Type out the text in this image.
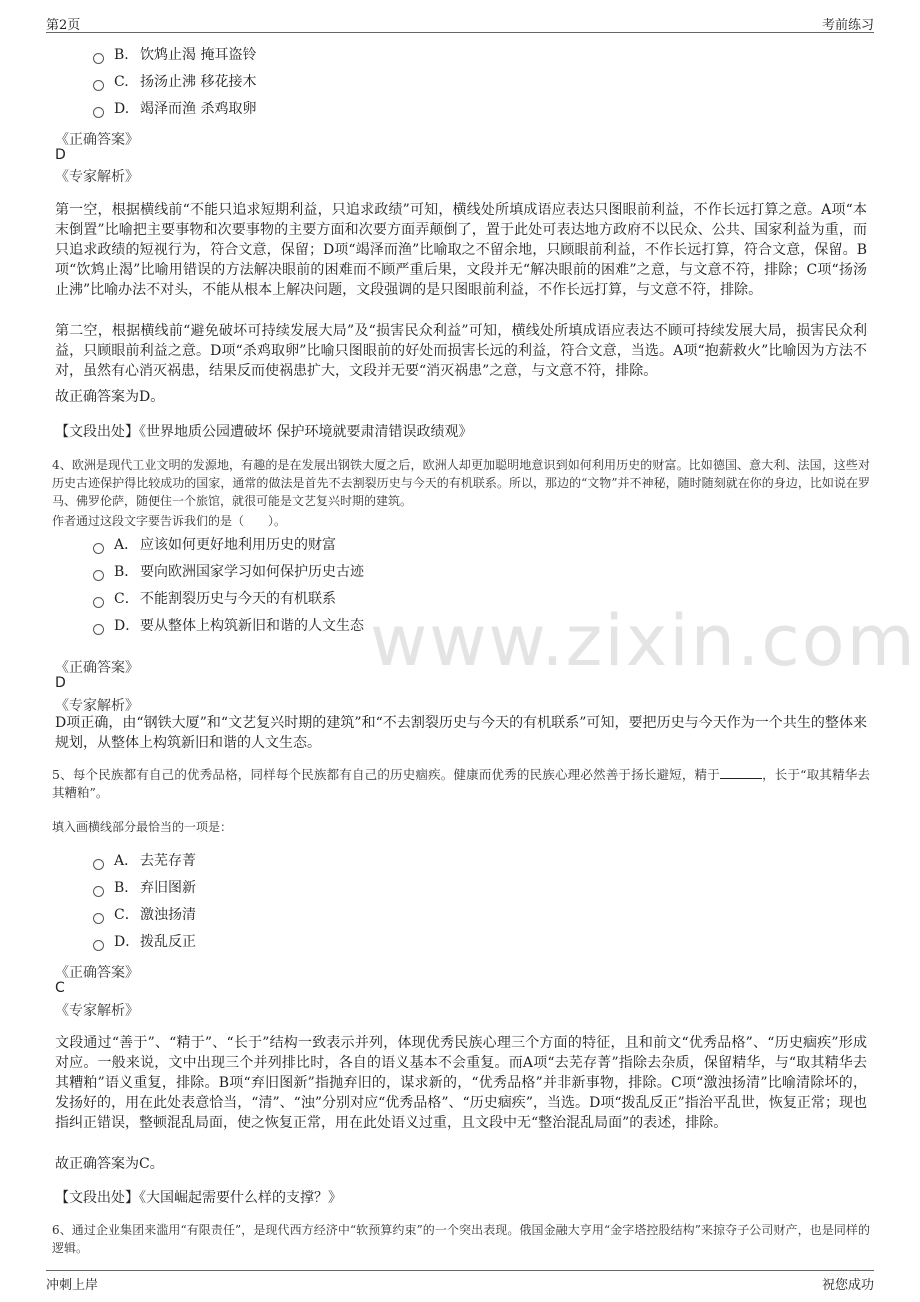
第2页	考前练习
www.zixin.com
B. 饮鸩止渴 掩耳盗铃
C. 扬汤止沸 移花接木
D. 竭泽而渔 杀鸡取卵
《正确答案》
D
《专家解析》
第一空，根据横线前“不能只追求短期利益，只追求政绩”可知，横线处所填成语应表达只图眼前利益，不作长远打算之意。A项“本末倒置”比喻把主要事物和次要事物的主要方面和次要方面弄颠倒了，置于此处可表达地方政府不以民众、公共、国家利益为重，而只追求政绩的短视行为，符合文意，保留；D项“竭泽而渔”比喻取之不留余地，只顾眼前利益，不作长远打算，符合文意，保留。B项“饮鸩止渴”比喻用错误的方法解决眼前的困难而不顾严重后果，文段并无“解决眼前的困难”之意，与文意不符，排除；C项“扬汤止沸”比喻办法不对头，不能从根本上解决问题，文段强调的是只图眼前利益，不作长远打算，与文意不符，排除。
第二空，根据横线前“避免破坏可持续发展大局”及“损害民众利益”可知，横线处所填成语应表达不顾可持续发展大局，损害民众利益，只顾眼前利益之意。D项“杀鸡取卵”比喻只图眼前的好处而损害长远的利益，符合文意，当选。A项“抱薪救火”比喻因为方法不对，虽然有心消灭祸患，结果反而使祸患扩大，文段并无要“消灭祸患”之意，与文意不符，排除。
故正确答案为D。
【文段出处】《世界地质公园遭破坏 保护环境就要肃清错误政绩观》
4、欧洲是现代工业文明的发源地，有趣的是在发展出钢铁大厦之后，欧洲人却更加聪明地意识到如何利用历史的财富。比如德国、意大利、法国，这些对历史古迹保护得比较成功的国家，通常的做法是首先不去割裂历史与今天的有机联系。所以，那边的“文物”并不神秘，随时随刻就在你的身边，比如说在罗马、佛罗伦萨，随便住一个旅馆，就很可能是文艺复兴时期的建筑。
作者通过这段文字要告诉我们的是（　　）。
A． 应该如何更好地利用历史的财富
B． 要向欧洲国家学习如何保护历史古迹
C．不能割裂历史与今天的有机联系
D．要从整体上构筑新旧和谐的人文生态
《正确答案》
D
《专家解析》
D项正确，由“钢铁大厦”和“文艺复兴时期的建筑”和“不去割裂历史与今天的有机联系”可知，要把历史与今天作为一个共生的整体来规划，从整体上构筑新旧和谐的人文生态。
5、每个民族都有自己的优秀品格，同样每个民族都有自己的历史痼疾。健康而优秀的民族心理必然善于扬长避短，精于	，长于“取其精华去其糟粕”。
填入画横线部分最恰当的一项是：
A． 去芜存菁
B． 弃旧图新
C．激浊扬清
D．拨乱反正
《正确答案》
C
《专家解析》
文段通过“善于”、“精于”、“长于”结构一致表示并列，体现优秀民族心理三个方面的特征，且和前文“优秀品格”、“历史痼疾”形成对应。一般来说，文中出现三个并列排比时，各自的语义基本不会重复。而A项“去芜存菁”指除去杂质，保留精华，与“取其精华去其糟粕”语义重复，排除。B项“弃旧图新”指抛弃旧的，谋求新的，“优秀品格”并非新事物，排除。C项“激浊扬清”比喻清除坏的，发扬好的，用在此处表意恰当，“清”、“浊”分别对应“优秀品格”、“历史痼疾”，当选。D项“拨乱反正”指治平乱世，恢复正常；现也指纠正错误，整顿混乱局面，使之恢复正常，用在此处语义过重，且文段中无“整治混乱局面”的表述，排除。
故正确答案为C。
【文段出处】《大国崛起需要什么样的支撑？》
6、通过企业集团来滥用“有限责任”，是现代西方经济中“软预算约束”的一个突出表现。俄国金融大亨用“金字塔控股结构”来掠夺子公司财产，也是同样的逻辑。
冲刺上岸	祝您成功
